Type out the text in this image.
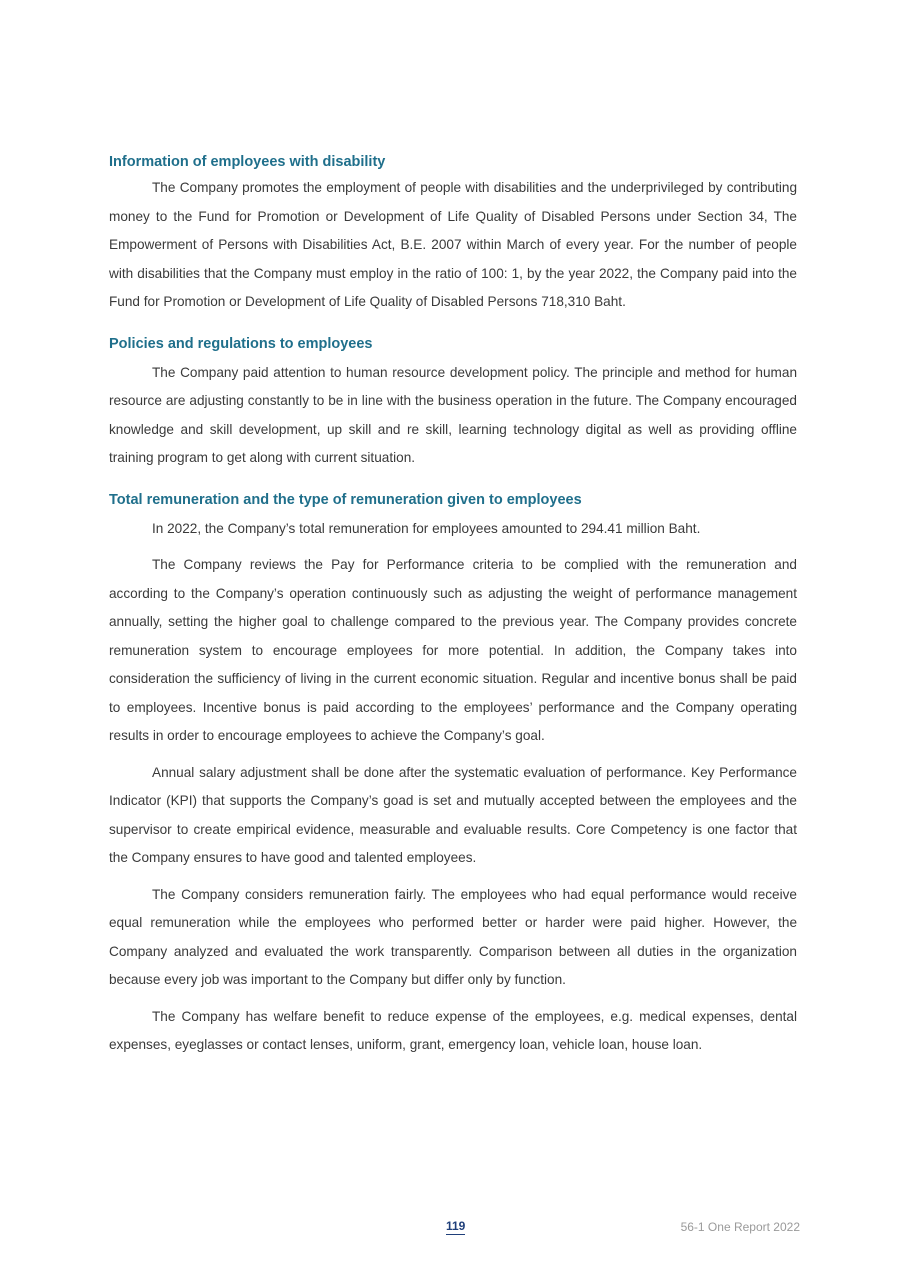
Information of employees with disability

The Company promotes the employment of people with disabilities and the underprivileged by contributing money to the Fund for Promotion or Development of Life Quality of Disabled Persons under Section 34, The Empowerment of Persons with Disabilities Act, B.E. 2007 within March of every year. For the number of people with disabilities that the Company must employ in the ratio of 100: 1, by the year 2022, the Company paid into the Fund for Promotion or Development of Life Quality of Disabled Persons 718,310 Baht.

Policies and regulations to employees

The Company paid attention to human resource development policy. The principle and method for human resource are adjusting constantly to be in line with the business operation in the future. The Company encouraged knowledge and skill development, up skill and re skill, learning technology digital as well as providing offline training program to get along with current situation.

Total remuneration and the type of remuneration given to employees

In 2022, the Company’s total remuneration for employees amounted to 294.41 million Baht.

The Company reviews the Pay for Performance criteria to be complied with the remuneration and according to the Company’s operation continuously such as adjusting the weight of performance management annually, setting the higher goal to challenge compared to the previous year. The Company provides concrete remuneration system to encourage employees for more potential. In addition, the Company takes into consideration the sufficiency of living in the current economic situation. Regular and incentive bonus shall be paid to employees. Incentive bonus is paid according to the employees’ performance and the Company operating results in order to encourage employees to achieve the Company’s goal.

Annual salary adjustment shall be done after the systematic evaluation of performance. Key Performance Indicator (KPI) that supports the Company’s goad is set and mutually accepted between the employees and the supervisor to create empirical evidence, measurable and evaluable results. Core Competency is one factor that the Company ensures to have good and talented employees.

The Company considers remuneration fairly. The employees who had equal performance would receive equal remuneration while the employees who performed better or harder were paid higher. However, the Company analyzed and evaluated the work transparently. Comparison between all duties in the organization because every job was important to the Company but differ only by function.

The Company has welfare benefit to reduce expense of the employees, e.g. medical expenses, dental expenses, eyeglasses or contact lenses, uniform, grant, emergency loan, vehicle loan, house loan.

119	56-1 One Report 2022
